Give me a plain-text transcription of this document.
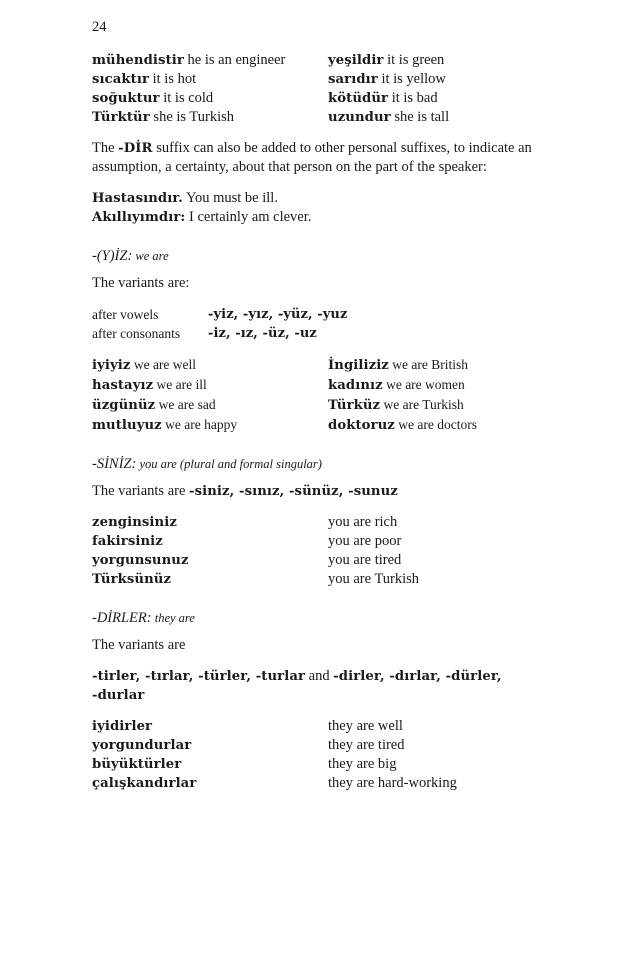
24
mühendistir he is an engineer	yeşildir it is green
sıcaktır it is hot	sarıdır it is yellow
soğuktur it is cold	kötüdür it is bad
Türktür she is Turkish	uzundur she is tall

The -DİR suffix can also be added to other personal suffixes, to indicate an assumption, a certainty, about that person on the part of the speaker:

Hastasındır. You must be ill.
Akıllıyımdır: I certainly am clever.

-(Y)İZ: we are

The variants are:

after vowels	-yiz, -yız, -yüz, -yuz
after consonants	-iz, -ız, -üz, -uz
iyiyiz we are well	İngiliziz we are British
hastayız we are ill	kadınız we are women
üzgünüz we are sad	Türküz we are Turkish
mutluyuz we are happy	doktoruz we are doctors

-SİNİZ: you are (plural and formal singular)

The variants are -siniz, -sınız, -sünüz, -sunuz

zenginsiniz	you are rich
fakirsiniz	you are poor
yorgunsunuz	you are tired
Türksünüz	you are Turkish

-DİRLER: they are

The variants are

-tirler, -tırlar, -türler, -turlar and -dirler, -dırlar, -dürler,
-durlar

iyidirler	they are well
yorgundurlar	they are tired
büyüktürler	they are big
çalışkandırlar	they are hard-working
